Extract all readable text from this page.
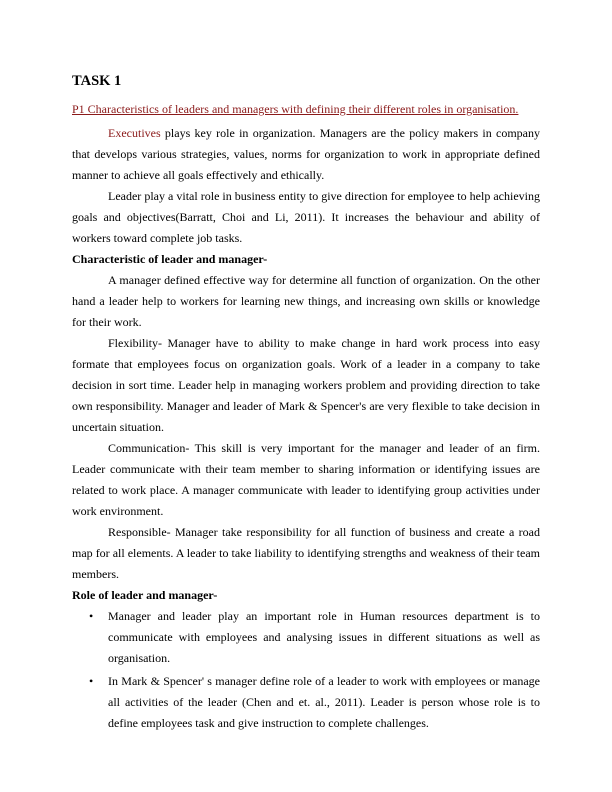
TASK 1
P1 Characteristics of leaders and managers with defining their different roles in organisation.

Executives plays key role in organization. Managers are the policy makers in company that develops various strategies, values, norms for organization to work in appropriate defined manner to achieve all goals effectively and ethically.

Leader play a vital role in business entity to give direction for employee to help achieving goals and objectives(Barratt, Choi and Li, 2011). It increases the behaviour and ability of workers toward complete job tasks.

Characteristic of leader and manager-

A manager defined effective way for determine all function of organization. On the other hand a leader help to workers for learning new things, and increasing own skills or knowledge for their work.

Flexibility- Manager have to ability to make change in hard work process into easy formate that employees focus on organization goals. Work of a leader in a company to take decision in sort time. Leader help in managing workers problem and providing direction to take own responsibility. Manager and leader of Mark & Spencer's are very flexible to take decision in uncertain situation.

Communication- This skill is very important for the manager and leader of an firm. Leader communicate with their team member to sharing information or identifying issues are related to work place. A manager communicate with leader to identifying group activities under work environment.

Responsible- Manager take responsibility for all function of business and create a road map for all elements. A leader to take liability to identifying strengths and weakness of their team members.

Role of leader and manager-
• Manager and leader play an important role in Human resources department is to communicate with employees and analysing issues in different situations as well as organisation.
• In Mark & Spencer' s manager define role of a leader to work with employees or manage all activities of the leader (Chen and et. al., 2011). Leader is person whose role is to define employees task and give instruction to complete challenges.
